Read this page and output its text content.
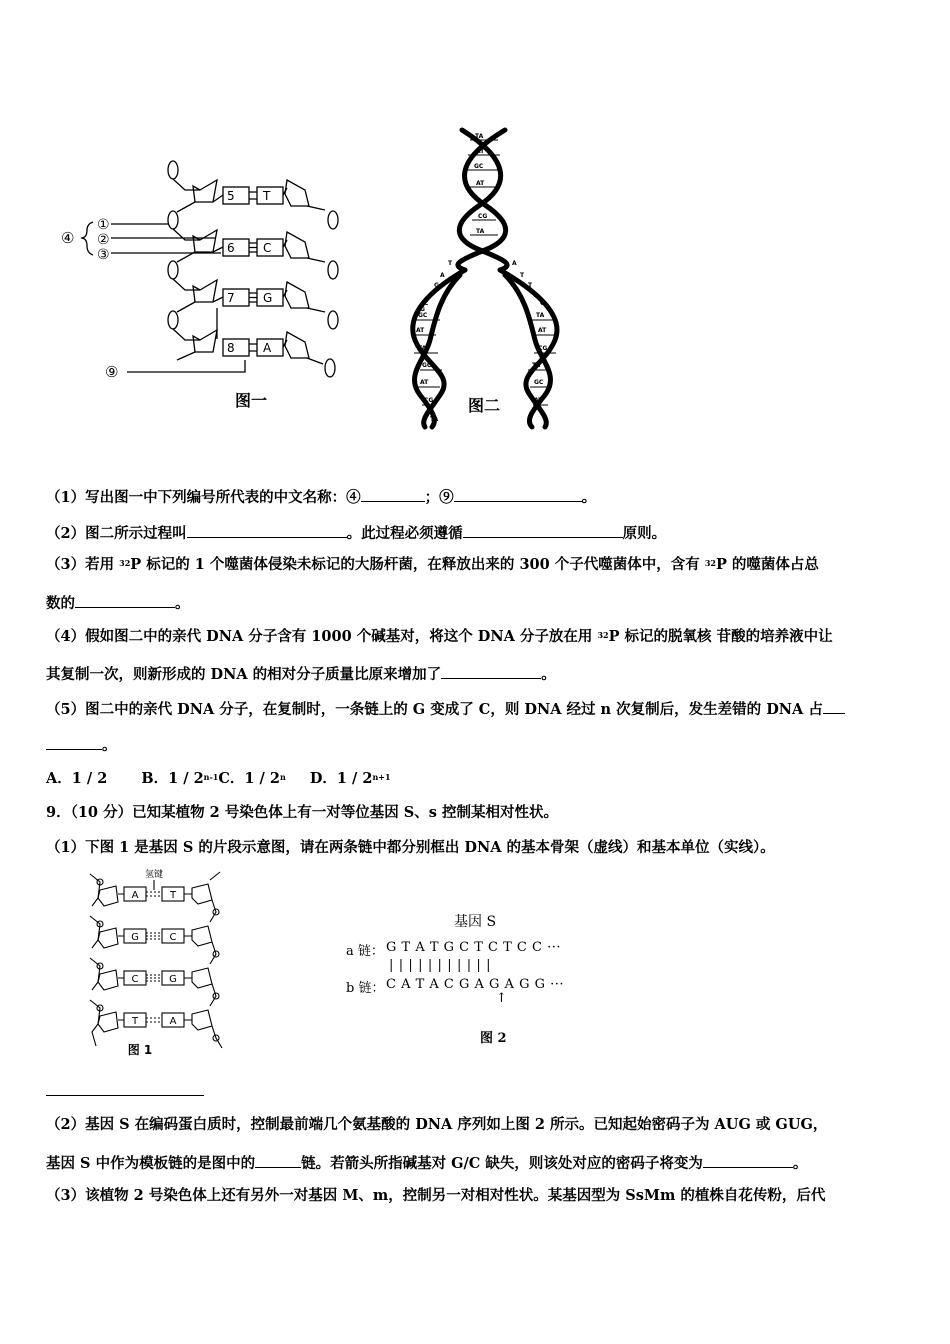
5 T
6 C
7 G
8 A
④
①
②
③
⑨
图一
TA
AT
GC
AT
CG
TA
GC
AT
TA
GC
AT
CG
TA
AT
CG
TA
GC
AT
TA
T
A
G
C
C
G
A
T
T
A
G
C
图二
（1）写出图一中下列编号所代表的中文名称：④	；⑨	。
（2）图二所示过程叫	。此过程必须遵循	原则。
（3）若用 $^{32}$P 标记的 1 个噬菌体侵染未标记的大肠杆菌，在释放出来的 300 个子代噬菌体中，含有 $^{32}$P 的噬菌体占总
数的	。
（4）假如图二中的亲代 DNA 分子含有 1000 个碱基对，将这个 DNA 分子放在用 $^{32}$P 标记的脱氧核 苷酸的培养液中让
其复制一次，则新形成的 DNA 的相对分子质量比原来增加了	。
（5）图二中的亲代 DNA 分子，在复制时，一条链上的 G 变成了 C，则 DNA 经过 n 次复制后，发生差错的 DNA 占
。
A．1 / 2 B．1 / 2$^{n-1}$C．1 / 2$^n$ D．$1 / 2^{n+1}$
9．（10 分）已知某植物 2 号染色体上有一对等位基因 S、s 控制某相对性状。
（1）下图 1 是基因 S 的片段示意图，请在两条链中都分别框出 DNA 的基本骨架（虚线）和基本单位（实线）。
氢键
A	T
G	C
C	G
T	A
图 1
基因 S
a 链： G T A T G C T C T C C ···
| | | | | | | | | | |
b 链： C A T A C G A G A G G ···
↑
图 2
（2）基因 S 在编码蛋白质时，控制最前端几个氨基酸的 DNA 序列如上图 2 所示。已知起始密码子为 AUG 或 GUG，
基因 S 中作为模板链的是图中的	链。若箭头所指碱基对 G/C 缺失，则该处对应的密码子将变为	。
（3）该植物 2 号染色体上还有另外一对基因 M、m，控制另一对相对性状。某基因型为 SsMm 的植株自花传粉，后代
